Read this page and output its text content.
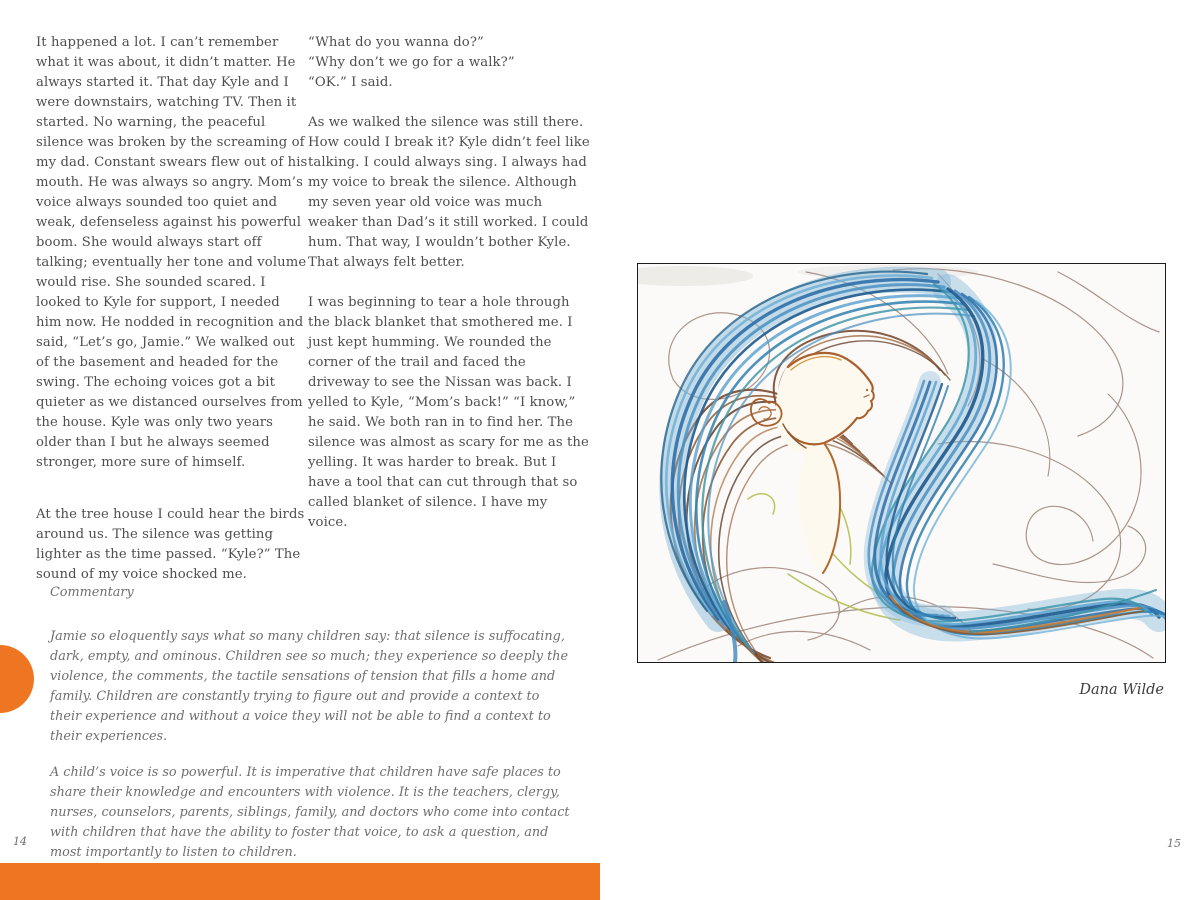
It happened a lot. I can’t remember what it was about, it didn’t matter. He always started it. That day Kyle and I were downstairs, watching TV. Then it started. No warning, the peaceful silence was broken by the screaming of my dad. Constant swears flew out of his mouth. He was always so angry. Mom’s voice always sounded too quiet and weak, defenseless against his powerful boom. She would always start off talking; eventually her tone and volume would rise. She sounded scared. I looked to Kyle for support, I needed him now. He nodded in recognition and said, “Let’s go, Jamie.” We walked out of the basement and headed for the swing. The echoing voices got a bit quieter as we distanced ourselves from the house. Kyle was only two years older than I but he always seemed stronger, more sure of himself.

At the tree house I could hear the birds around us. The silence was getting lighter as the time passed. “Kyle?” The sound of my voice shocked me.

“What do you wanna do?”

“Why don’t we go for a walk?”

“OK.” I said.

As we walked the silence was still there. How could I break it? Kyle didn’t feel like talking. I could always sing. I always had my voice to break the silence. Although my seven year old voice was much weaker than Dad’s it still worked. I could hum. That way, I wouldn’t bother Kyle. That always felt better.

I was beginning to tear a hole through the black blanket that smothered me. I just kept humming. We rounded the corner of the trail and faced the driveway to see the Nissan was back. I yelled to Kyle, “Mom’s back!” “I know,” he said. We both ran in to find her. The silence was almost as scary for me as the yelling. It was harder to break. But I have a tool that can cut through that so called blanket of silence. I have my voice.

Commentary

Jamie so eloquently says what so many children say: that silence is suffocating, dark, empty, and ominous. Children see so much; they experience so deeply the violence, the comments, the tactile sensations of tension that fills a home and family. Children are constantly trying to figure out and provide a context to their experience and without a voice they will not be able to find a context to their experiences.

A child’s voice is so powerful. It is imperative that children have safe places to share their knowledge and encounters with violence. It is the teachers, clergy, nurses, counselors, parents, siblings, family, and doctors who come into contact with children that have the ability to foster that voice, to ask a question, and most importantly to listen to children.

14	15
Dana Wilde
